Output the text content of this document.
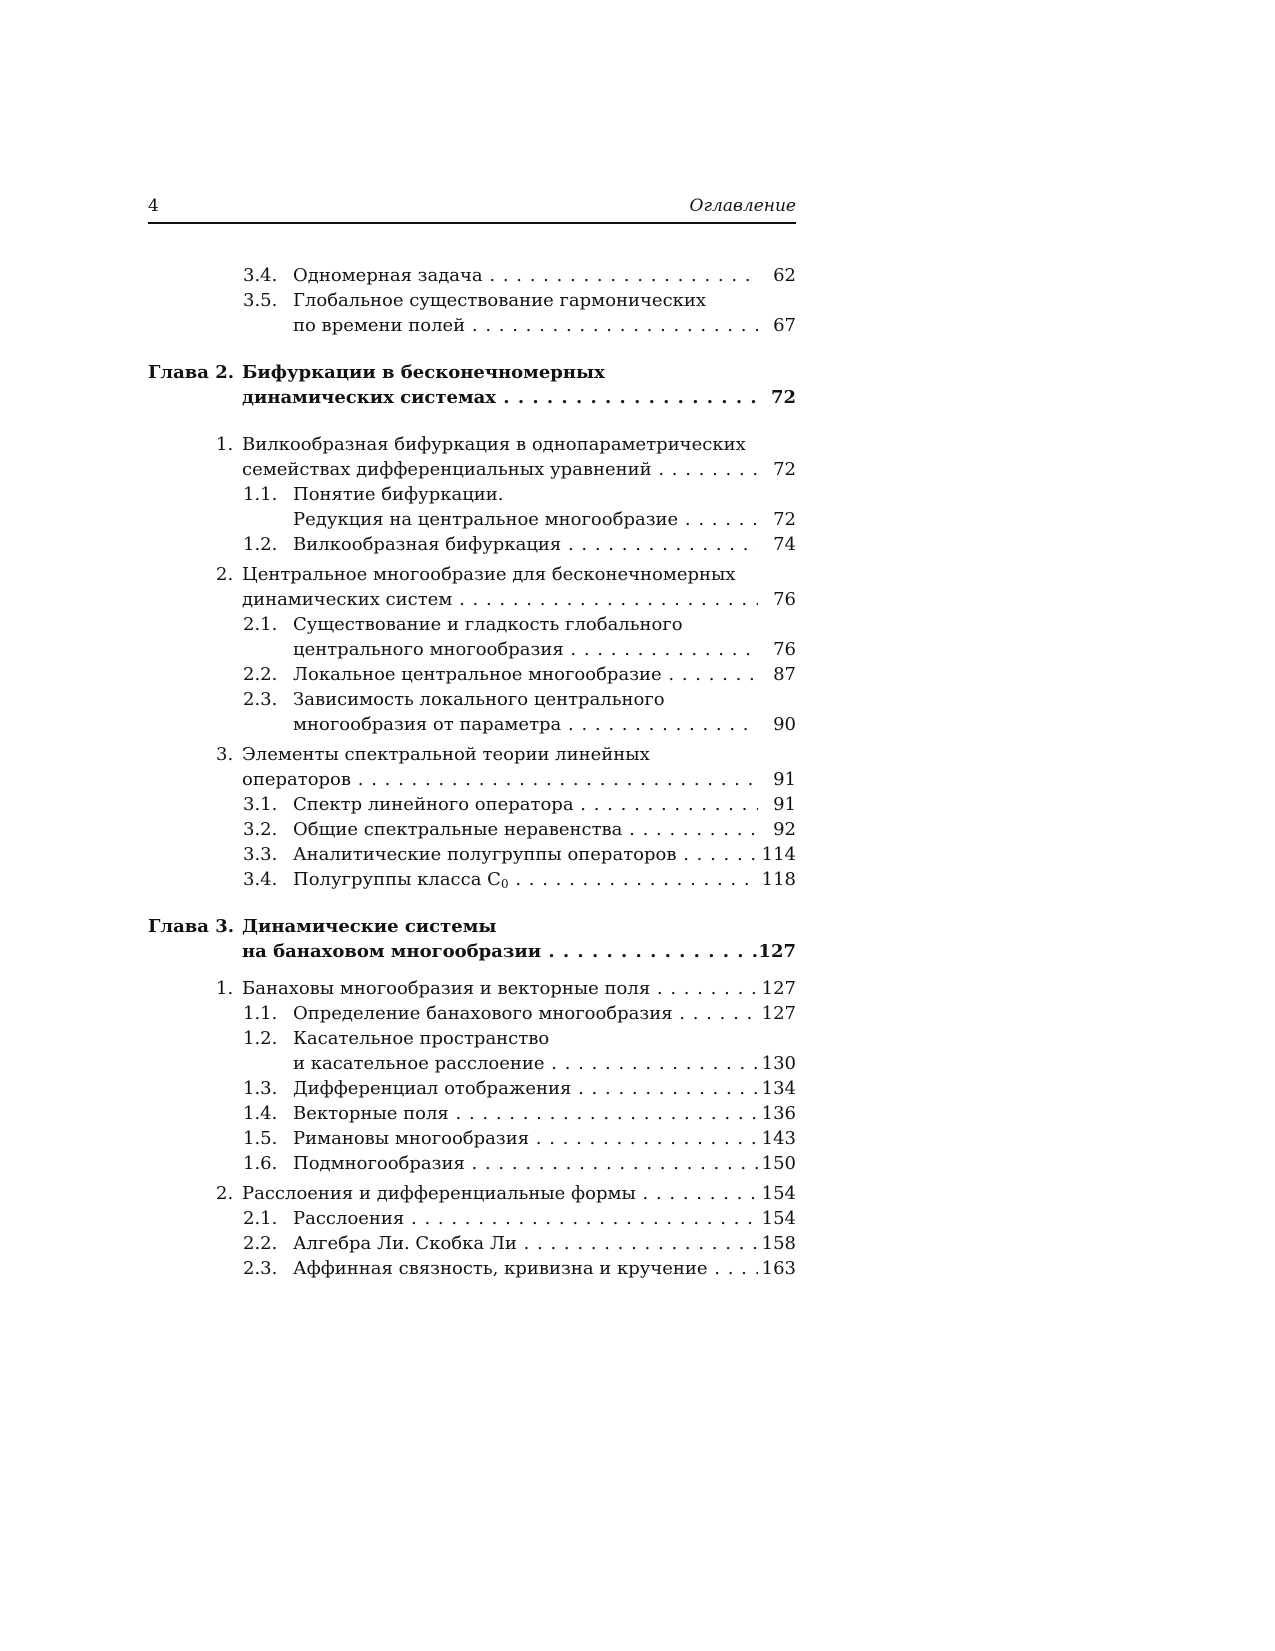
4	Оглавление
3.4. Одномерная задача . . .	62
3.5. Глобальное существование гармонических
по времени полей . . .	67
Глава 2. Бифуркации в бесконечномерных
динамических системах . . .	72
1. Вилкообразная бифуркация в однопараметрических
семействах дифференциальных уравнений . . .	72
1.1. Понятие бифуркации.
Редукция на центральное многообразие . . .	72
1.2. Вилкообразная бифуркация . . .	74
2. Центральное многообразие для бесконечномерных
динамических систем . . .	76
2.1. Существование и гладкость глобального
центрального многообразия . . .	76
2.2. Локальное центральное многообразие . . .	87
2.3. Зависимость локального центрального
многообразия от параметра . . .	90
3. Элементы спектральной теории линейных
операторов . . .	91
3.1. Спектр линейного оператора . . .	91
3.2. Общие спектральные неравенства . . .	92
3.3. Аналитические полугруппы операторов . . .	114
3.4. Полугруппы класса $C_0$ . . .	118
Глава 3. Динамические системы
на банаховом многообразии . . .	127
1. Банаховы многообразия и векторные поля . . .	127
1.1. Определение банахового многообразия . . .	127
1.2. Касательное пространство
и касательное расслоение . . .	130
1.3. Дифференциал отображения . . .	134
1.4. Векторные поля . . .	136
1.5. Римановы многообразия . . .	143
1.6. Подмногообразия . . .	150
2. Расслоения и дифференциальные формы . . .	154
2.1. Расслоения . . .	154
2.2. Алгебра Ли. Скобка Ли . . .	158
2.3. Аффинная связность, кривизна и кручение . . .	163
